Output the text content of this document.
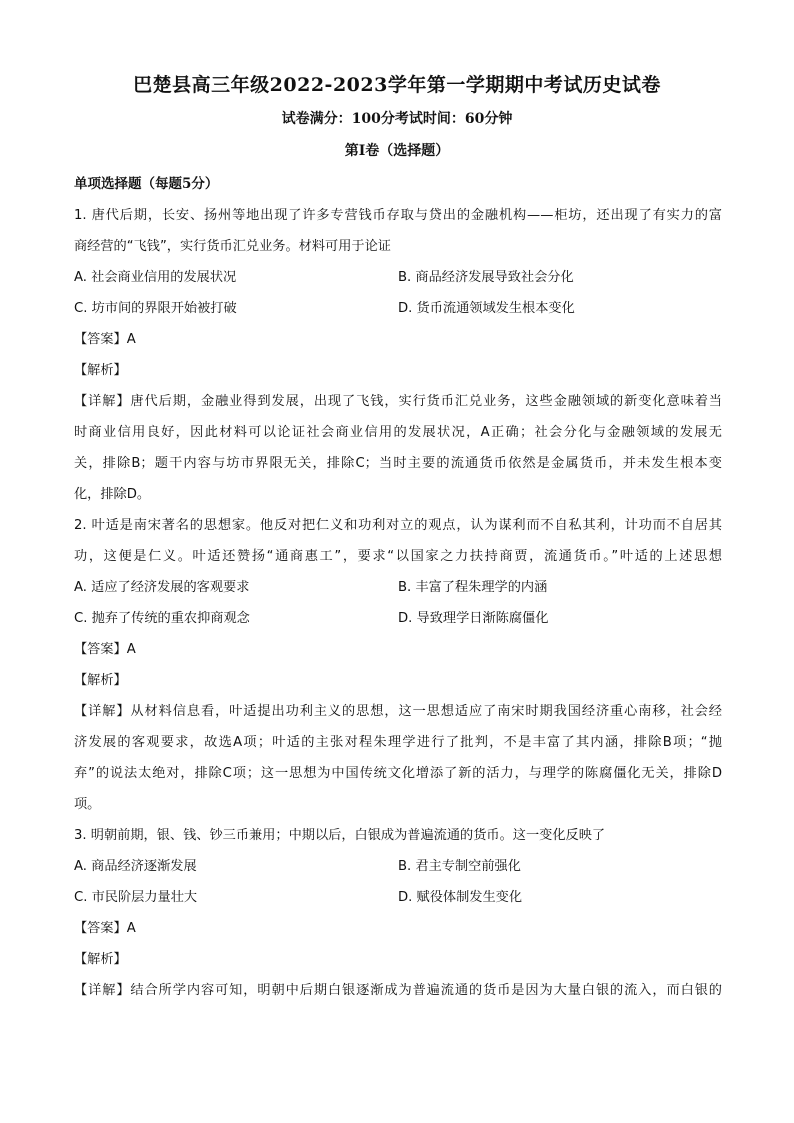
巴楚县高三年级2022-2023学年第一学期期中考试历史试卷
试卷满分：100分考试时间：60分钟
第Ⅰ卷（选择题）
单项选择题（每题5分）
1. 唐代后期，长安、扬州等地出现了许多专营钱币存取与贷出的金融机构——柜坊，还出现了有实力的富
商经营的“飞钱”，实行货币汇兑业务。材料可用于论证
A. 社会商业信用的发展状况	B. 商品经济发展导致社会分化
C. 坊市间的界限开始被打破	D. 货币流通领域发生根本变化
【答案】A
【解析】
【详解】唐代后期，金融业得到发展，出现了飞钱，实行货币汇兑业务，这些金融领域的新变化意味着当
时商业信用良好，因此材料可以论证社会商业信用的发展状况，A正确；社会分化与金融领域的发展无
关，排除B；题干内容与坊市界限无关，排除C；当时主要的流通货币依然是金属货币，并未发生根本变
化，排除D。
2. 叶适是南宋著名的思想家。他反对把仁义和功利对立的观点，认为谋利而不自私其利，计功而不自居其
功，这便是仁义。叶适还赞扬“通商惠工”，要求“以国家之力扶持商贾，流通货币。”叶适的上述思想
A. 适应了经济发展的客观要求	B. 丰富了程朱理学的内涵
C. 抛弃了传统的重农抑商观念	D. 导致理学日渐陈腐僵化
【答案】A
【解析】
【详解】从材料信息看，叶适提出功利主义的思想，这一思想适应了南宋时期我国经济重心南移，社会经
济发展的客观要求，故选A项；叶适的主张对程朱理学进行了批判，不是丰富了其内涵，排除B项；“抛
弃”的说法太绝对，排除C项；这一思想为中国传统文化增添了新的活力，与理学的陈腐僵化无关，排除D
项。
3. 明朝前期，银、钱、钞三币兼用；中期以后，白银成为普遍流通的货币。这一变化反映了
A. 商品经济逐渐发展	B. 君主专制空前强化
C. 市民阶层力量壮大	D. 赋役体制发生变化
【答案】A
【解析】
【详解】结合所学内容可知，明朝中后期白银逐渐成为普遍流通的货币是因为大量白银的流入，而白银的
